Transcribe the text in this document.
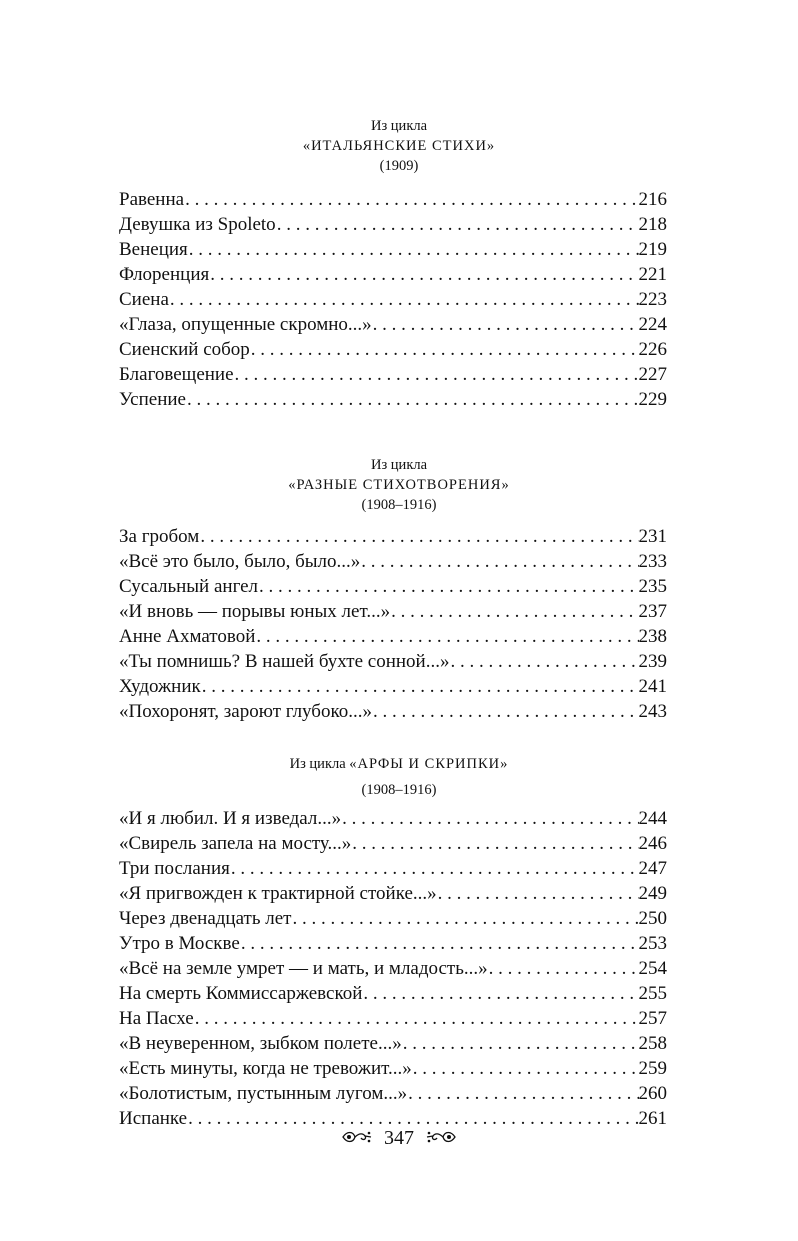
Из цикла
«ИТАЛЬЯНСКИЕ СТИХИ»
(1909)
Равенна . . .	216
Девушка из Spoleto . . .	218
Венеция . . .	219
Флоренция . . .	221
Сиена . . .	223
«Глаза, опущенные скромно...» . . .	224
Сиенский собор . . .	226
Благовещение . . .	227
Успение . . .	229
Из цикла
«РАЗНЫЕ СТИХОТВОРЕНИЯ»
(1908–1916)
За гробом . . .	231
«Всё это было, было, было...» . . .	233
Сусальный ангел . . .	235
«И вновь — порывы юных лет...» . . .	237
Анне Ахматовой . . .	238
«Ты помнишь? В нашей бухте сонной...» . . .	239
Художник . . .	241
«Похоронят, зароют глубоко...» . . .	243
Из цикла «АРФЫ И СКРИПКИ»
(1908–1916)
«И я любил. И я изведал...» . . .	244
«Свирель запела на мосту...» . . .	246
Три послания . . .	247
«Я пригвожден к трактирной стойке...» . . .	249
Через двенадцать лет . . .	250
Утро в Москве . . .	253
«Всё на земле умрет — и мать, и младость...» . . .	254
На смерть Коммиссаржевской . . .	255
На Пасхе . . .	257
«В неуверенном, зыбком полете...» . . .	258
«Есть минуты, когда не тревожит...» . . .	259
«Болотистым, пустынным лугом...» . . .	260
Испанке . . .	261
347
